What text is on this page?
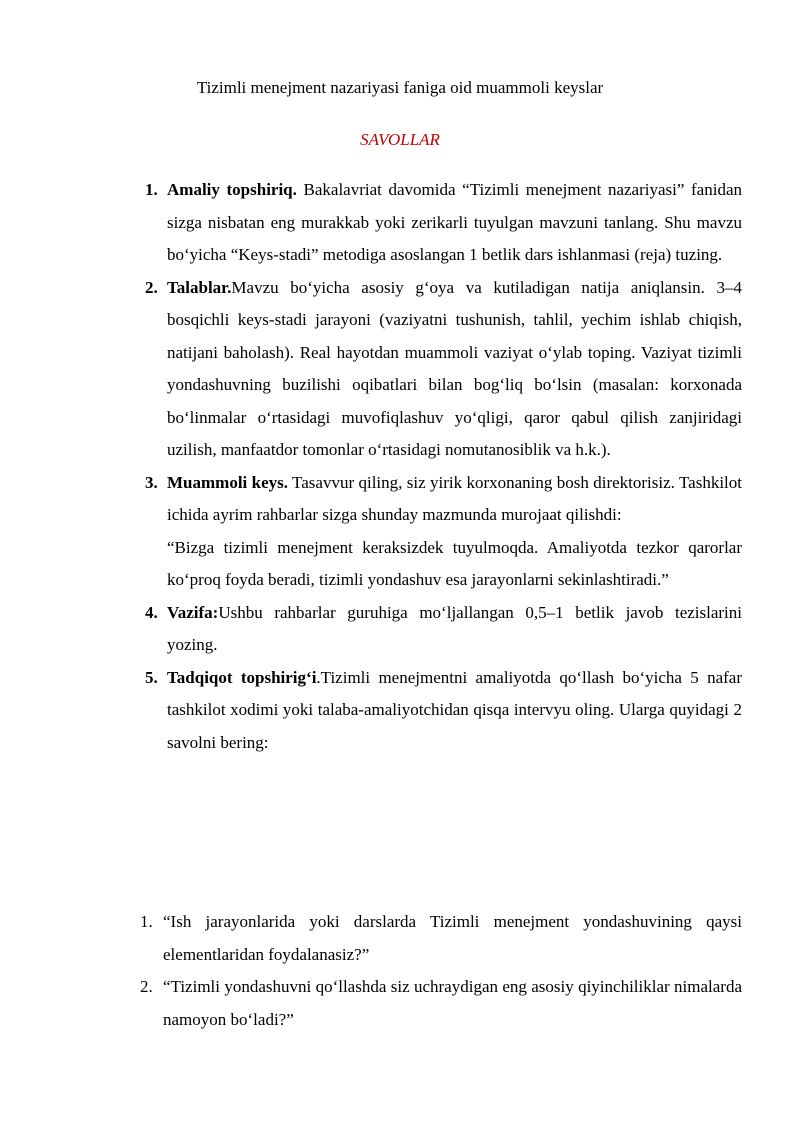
Tizimli menejment nazariyasi faniga oid muammoli keyslar

SAVOLLAR

1. Amaliy topshiriq. Bakalavriat davomida “Tizimli menejment nazariyasi” fanidan sizga nisbatan eng murakkab yoki zerikarli tuyulgan mavzuni tanlang. Shu mavzu bo‘yicha “Keys-stadi” metodiga asoslangan 1 betlik dars ishlanmasi (reja) tuzing.
2. Talablar.Mavzu bo‘yicha asosiy g‘oya va kutiladigan natija aniqlansin. 3–4 bosqichli keys-stadi jarayoni (vaziyatni tushunish, tahlil, yechim ishlab chiqish, natijani baholash). Real hayotdan muammoli vaziyat o‘ylab toping. Vaziyat tizimli yondashuvning buzilishi oqibatlari bilan bog‘liq bo‘lsin (masalan: korxonada bo‘linmalar o‘rtasidagi muvofiqlashuv yo‘qligi, qaror qabul qilish zanjiridagi uzilish, manfaatdor tomonlar o‘rtasidagi nomutanosiblik va h.k.).
3. Muammoli keys. Tasavvur qiling, siz yirik korxonaning bosh direktorisiz. Tashkilot ichida ayrim rahbarlar sizga shunday mazmunda murojaat qilishdi:
“Bizga tizimli menejment keraksizdek tuyulmoqda. Amaliyotda tezkor qarorlar ko‘proq foyda beradi, tizimli yondashuv esa jarayonlarni sekinlashtiradi.”
4. Vazifa:Ushbu rahbarlar guruhiga mo‘ljallangan 0,5–1 betlik javob tezislarini yozing.
5. Tadqiqot topshirig‘i.Tizimli menejmentni amaliyotda qo‘llash bo‘yicha 5 nafar tashkilot xodimi yoki talaba-amaliyotchidan qisqa intervyu oling. Ularga quyidagi 2 savolni bering:
1. “Ish jarayonlarida yoki darslarda Tizimli menejment yondashuvining qaysi elementlaridan foydalanasiz?”
2. “Tizimli yondashuvni qo‘llashda siz uchraydigan eng asosiy qiyinchiliklar nimalarda namoyon bo‘ladi?”
